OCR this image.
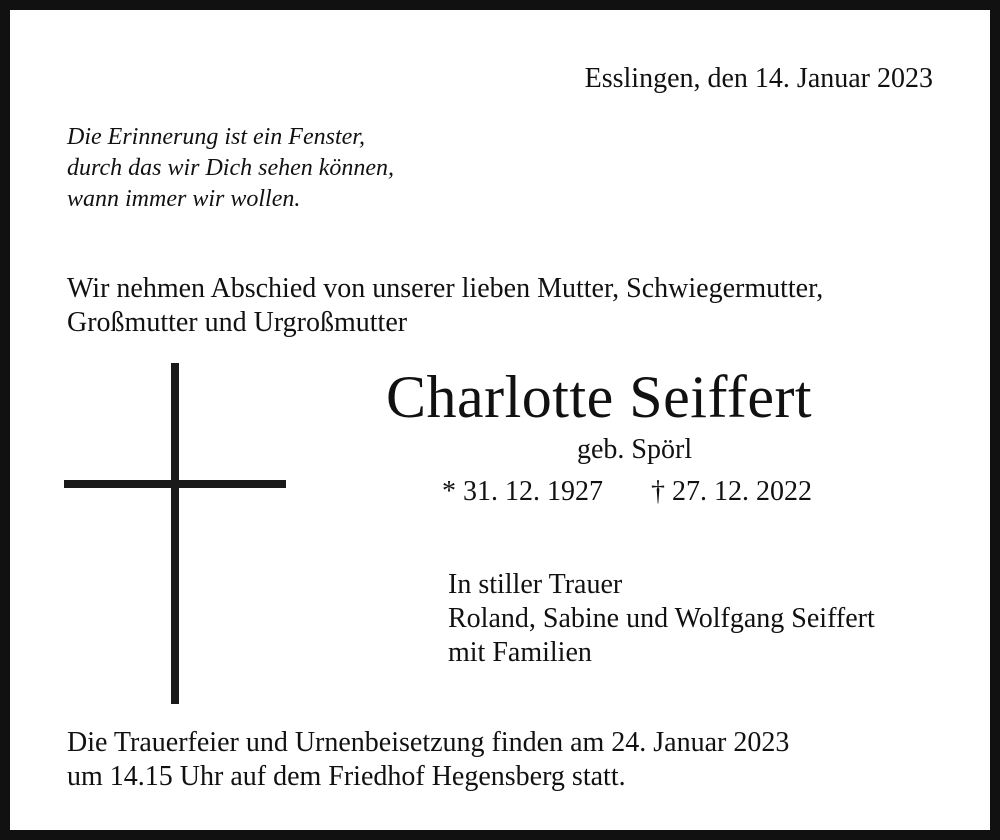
Esslingen, den 14. Januar 2023

Die Erinnerung ist ein Fenster,
durch das wir Dich sehen können,
wann immer wir wollen.
Wir nehmen Abschied von unserer lieben Mutter, Schwiegermutter,
Großmutter und Urgroßmutter
Charlotte Seiffert

geb. Spörl

* 31. 12. 1927 † 27. 12. 2022

In stiller Trauer
Roland, Sabine und Wolfgang Seiffert
mit Familien
Die Trauerfeier und Urnenbeisetzung finden am 24. Januar 2023
um 14.15 Uhr auf dem Friedhof Hegensberg statt.
